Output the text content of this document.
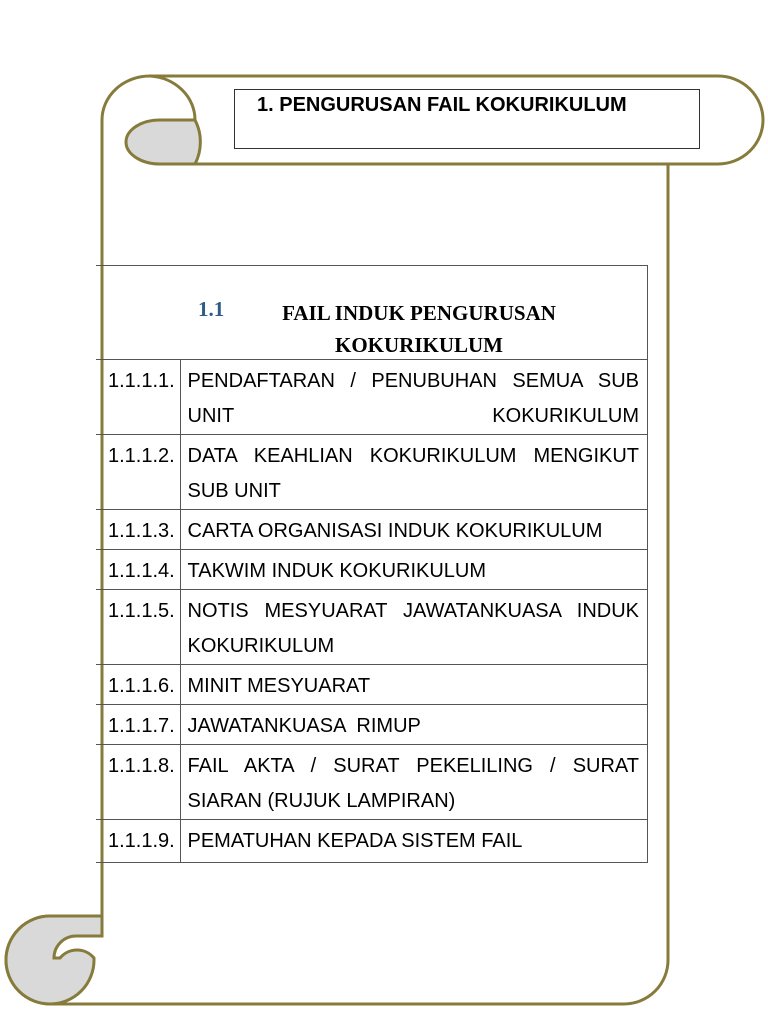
1. PENGURUSAN FAIL KOKURIKULUM
1.1 FAIL INDUK PENGURUSAN KOKURIKULUM	

1.1.1.1.	PENDAFTARAN / PENUBUHAN SEMUA SUB UNIT KOKURIKULUM
1.1.1.2.	DATA KEAHLIAN KOKURIKULUM MENGIKUT SUB UNIT
1.1.1.3.	CARTA ORGANISASI INDUK KOKURIKULUM
1.1.1.4.	TAKWIM INDUK KOKURIKULUM
1.1.1.5.	NOTIS MESYUARAT JAWATANKUASA INDUK KOKURIKULUM
1.1.1.6.	MINIT MESYUARAT
1.1.1.7.	JAWATANKUASA  RIMUP
1.1.1.8.	FAIL AKTA / SURAT PEKELILING / SURAT SIARAN (RUJUK LAMPIRAN)
1.1.1.9.	PEMATUHAN KEPADA SISTEM FAIL
